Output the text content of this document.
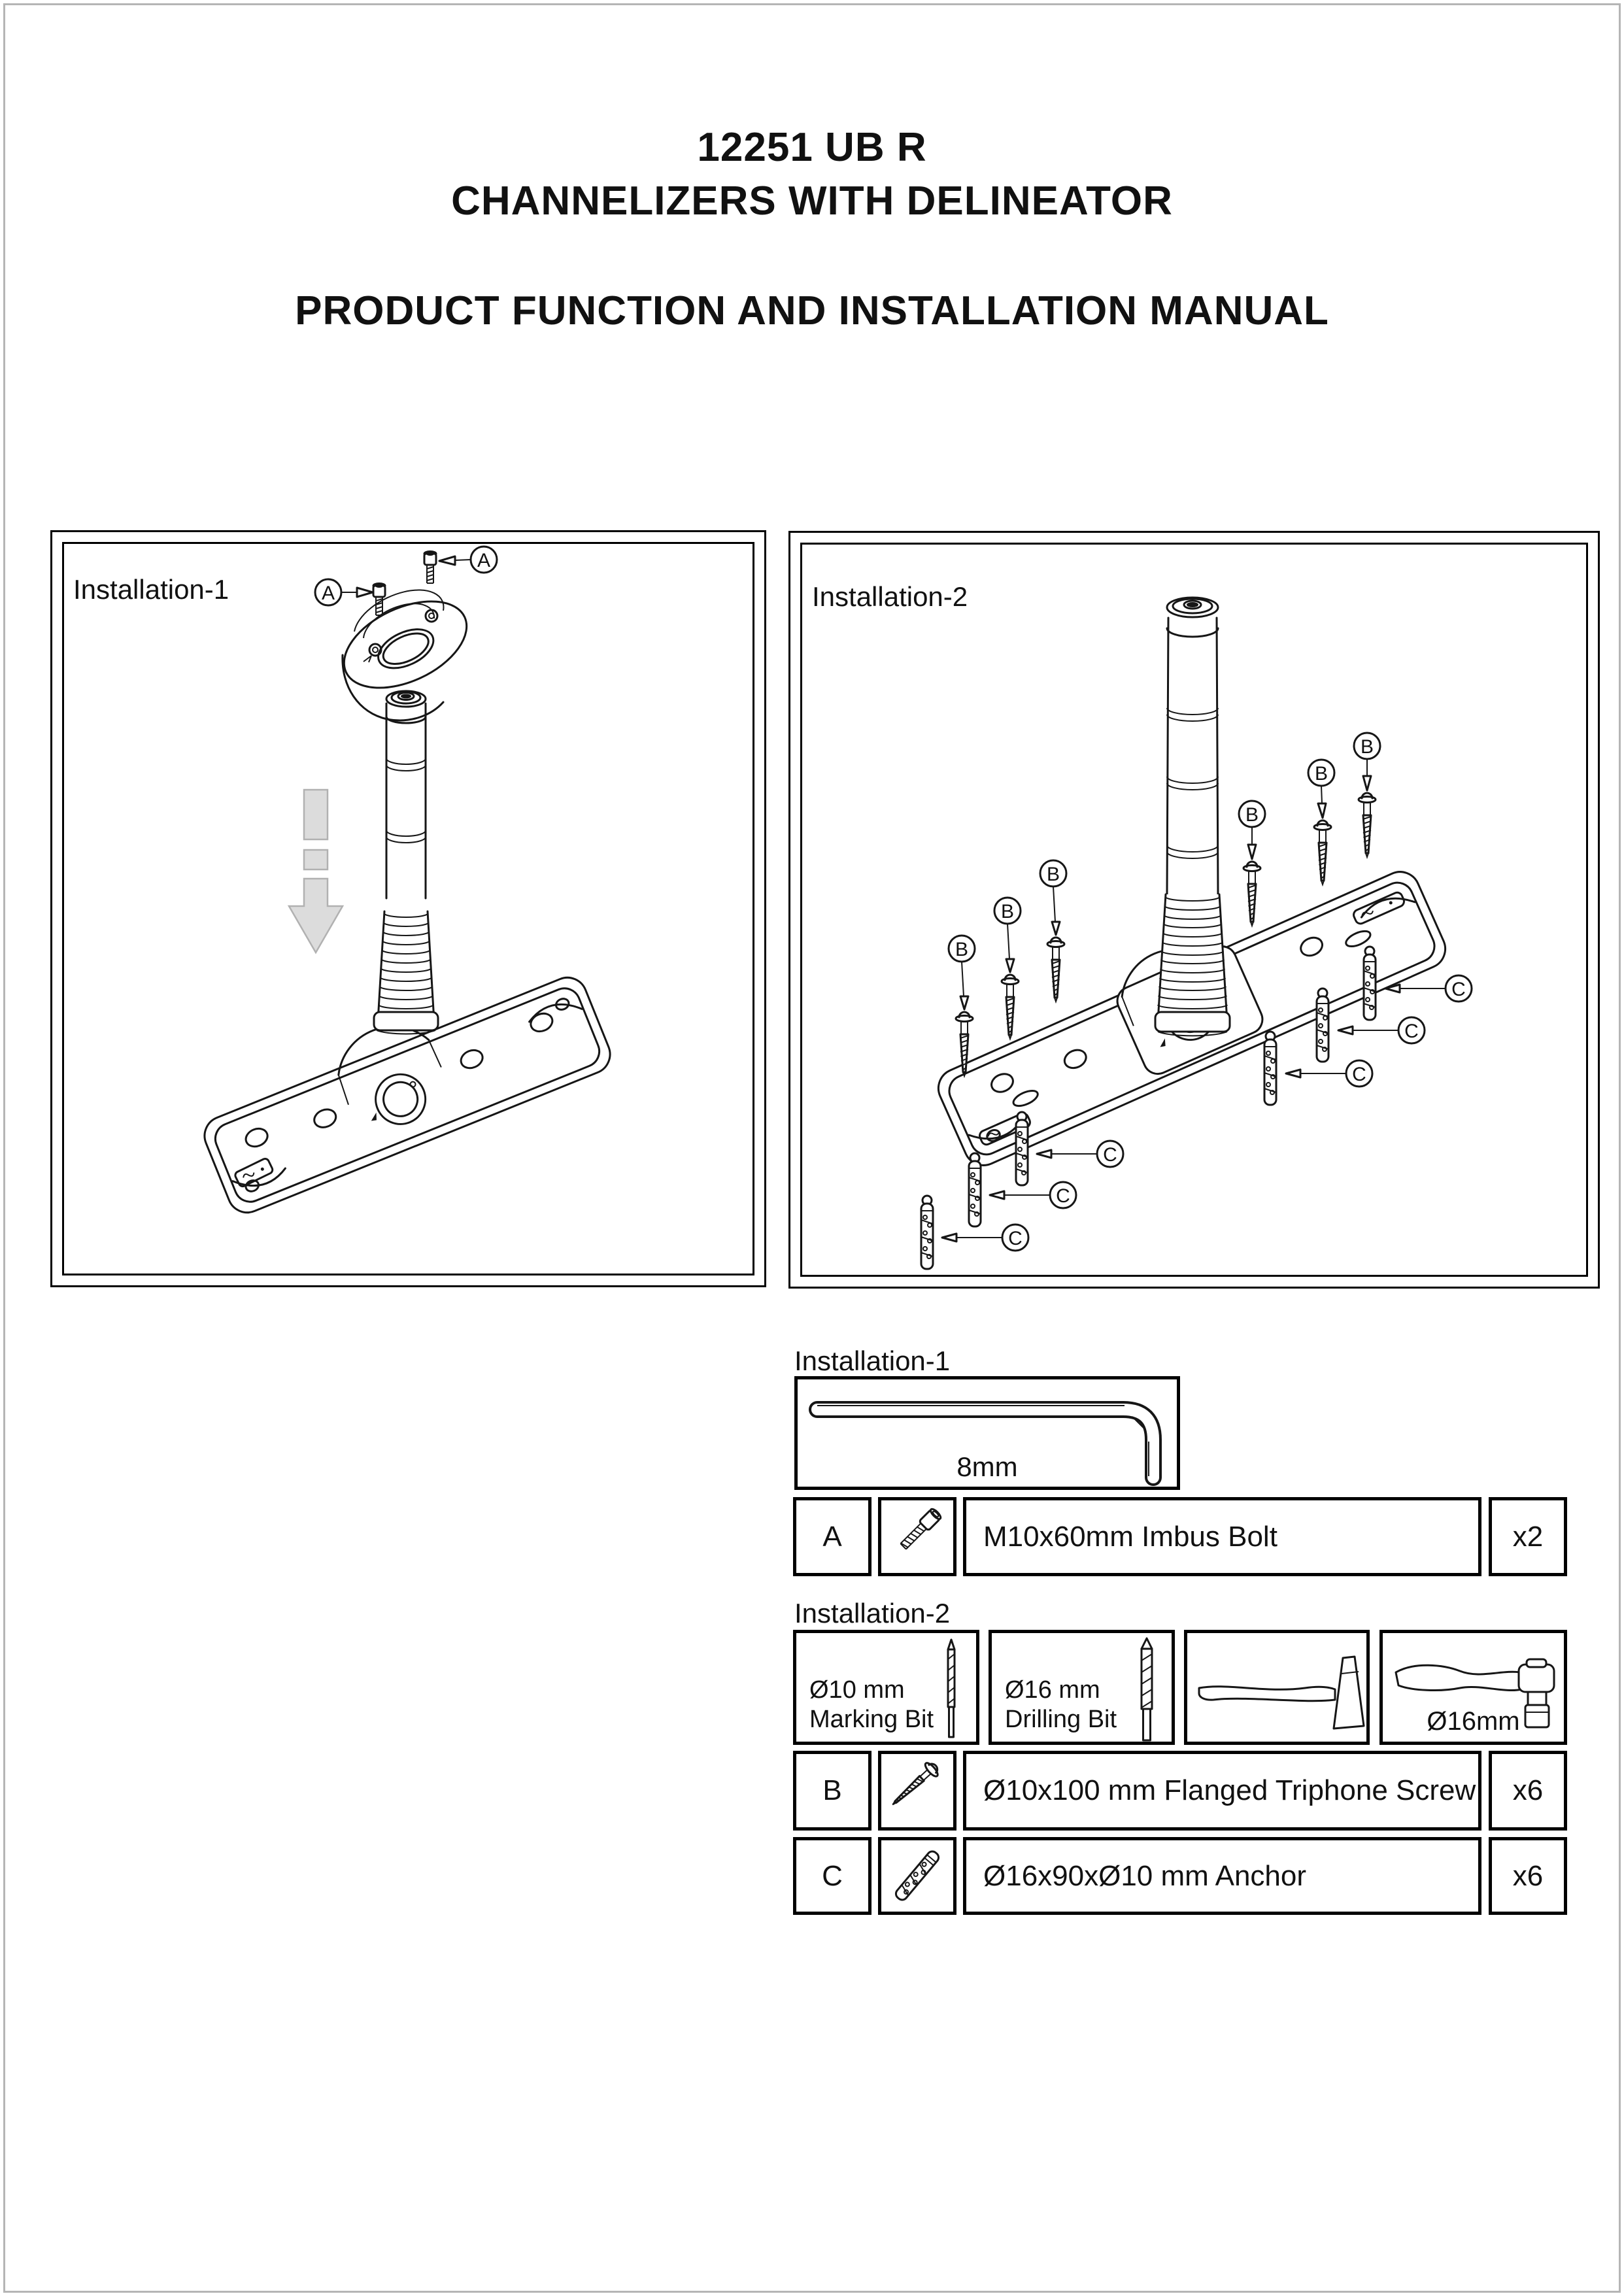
12251 UB R
CHANNELIZERS WITH DELINEATOR
PRODUCT FUNCTION AND INSTALLATION MANUAL
Installation-1
A
A	Installation-2
B
B
B
B
B
B
C
C
C
C
C
C
Installation-1
8mm
A	M10x60mm Imbus Bolt	x2
Installation-2
Ø10 mm
Marking Bit
Ø16 mm
Drilling Bit	Ø16mm
B	Ø10x100 mm Flanged Triphone Screw	x6
C	Ø16x90xØ10 mm Anchor	x6
